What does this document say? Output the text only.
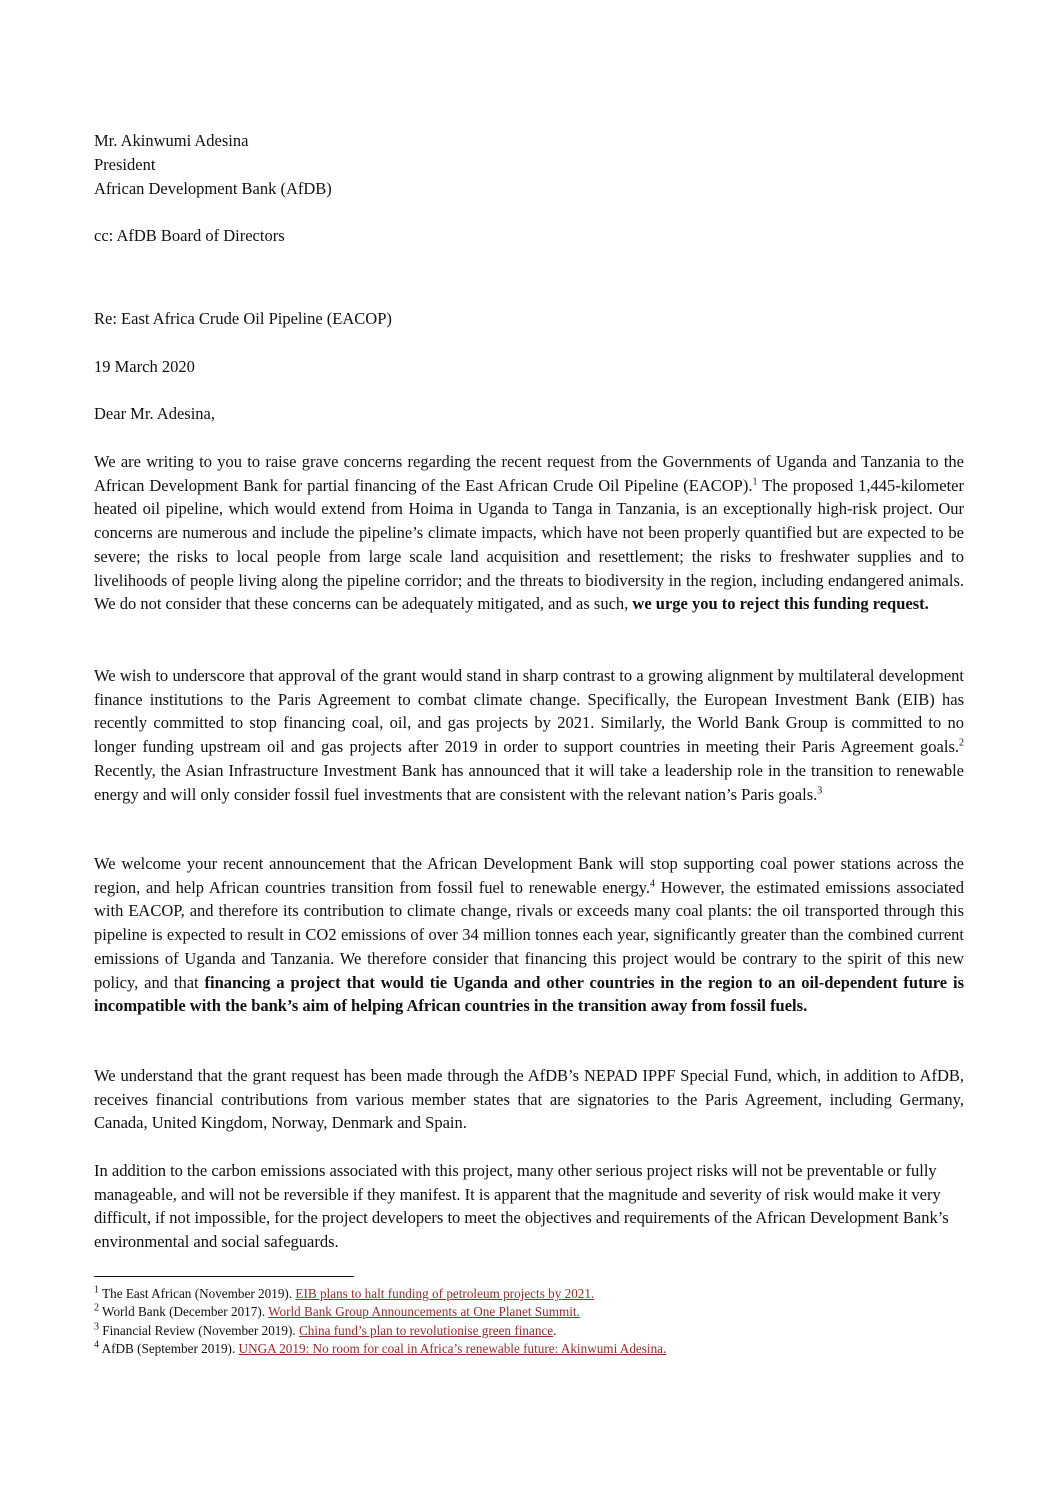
Mr. Akinwumi Adesina
President
African Development Bank (AfDB)
cc: AfDB Board of Directors
Re: East Africa Crude Oil Pipeline (EACOP)
19 March 2020
Dear Mr. Adesina,

We are writing to you to raise grave concerns regarding the recent request from the Governments of Uganda and Tanzania to the African Development Bank for partial financing of the East African Crude Oil Pipeline (EACOP).$^1$ The proposed 1,445-kilometer heated oil pipeline, which would extend from Hoima in Uganda to Tanga in Tanzania, is an exceptionally high-risk project. Our concerns are numerous and include the pipeline’s climate impacts, which have not been properly quantified but are expected to be severe; the risks to local people from large scale land acquisition and resettlement; the risks to freshwater supplies and to livelihoods of people living along the pipeline corridor; and the threats to biodiversity in the region, including endangered animals. We do not consider that these concerns can be adequately mitigated, and as such, we urge you to reject this funding request.

We wish to underscore that approval of the grant would stand in sharp contrast to a growing alignment by multilateral development finance institutions to the Paris Agreement to combat climate change. Specifically, the European Investment Bank (EIB) has recently committed to stop financing coal, oil, and gas projects by 2021. Similarly, the World Bank Group is committed to no longer funding upstream oil and gas projects after 2019 in order to support countries in meeting their Paris Agreement goals.$^2$ Recently, the Asian Infrastructure Investment Bank has announced that it will take a leadership role in the transition to renewable energy and will only consider fossil fuel investments that are consistent with the relevant nation’s Paris goals.$^3$

We welcome your recent announcement that the African Development Bank will stop supporting coal power stations across the region, and help African countries transition from fossil fuel to renewable energy.$^4$ However, the estimated emissions associated with EACOP, and therefore its contribution to climate change, rivals or exceeds many coal plants: the oil transported through this pipeline is expected to result in CO2 emissions of over 34 million tonnes each year, significantly greater than the combined current emissions of Uganda and Tanzania. We therefore consider that financing this project would be contrary to the spirit of this new policy, and that financing a project that would tie Uganda and other countries in the region to an oil-dependent future is incompatible with the bank’s aim of helping African countries in the transition away from fossil fuels.

We understand that the grant request has been made through the AfDB’s NEPAD IPPF Special Fund, which, in addition to AfDB, receives financial contributions from various member states that are signatories to the Paris Agreement, including Germany, Canada, United Kingdom, Norway, Denmark and Spain.

In addition to the carbon emissions associated with this project, many other serious project risks will not be preventable or fully manageable, and will not be reversible if they manifest. It is apparent that the magnitude and severity of risk would make it very difficult, if not impossible, for the project developers to meet the objectives and requirements of the African Development Bank’s environmental and social safeguards.

$^1$ The East African (November 2019). EIB plans to halt funding of petroleum projects by 2021.
$^2$ World Bank (December 2017). World Bank Group Announcements at One Planet Summit.
$^3$ Financial Review (November 2019). China fund’s plan to revolutionise green finance.
$^4$ AfDB (September 2019). UNGA 2019: No room for coal in Africa’s renewable future: Akinwumi Adesina.
